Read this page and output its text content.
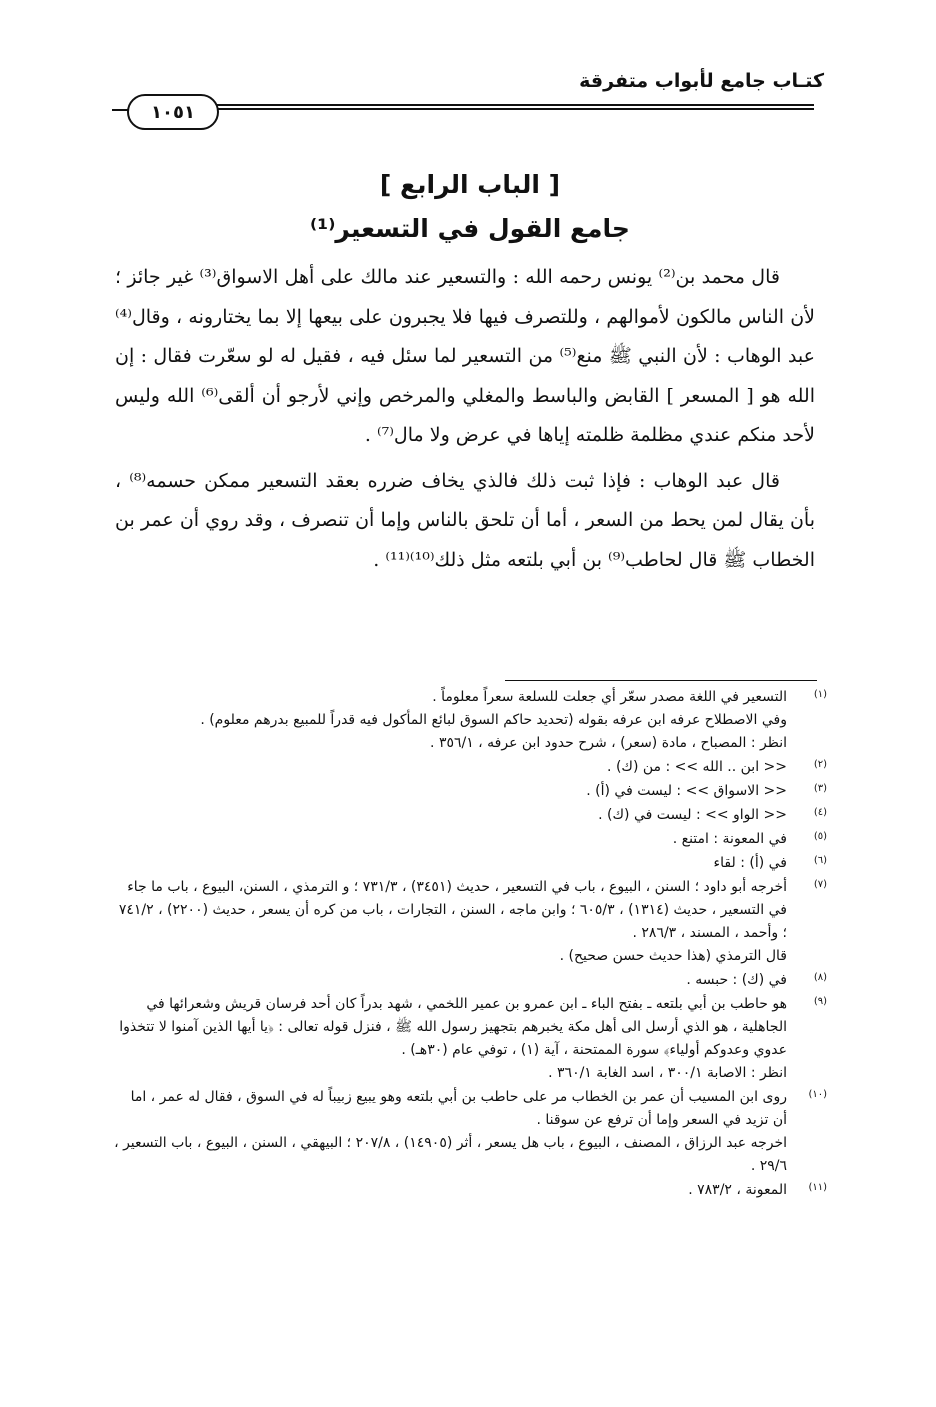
كتـاب جامع لأبواب متفرقة
١٠٥١
[ الباب الرابع ]
جامع القول في التسعير⁽¹⁾

قال محمد بن⁽²⁾ يونس رحمه الله : والتسعير عند مالك على أهل الاسواق⁽³⁾ غير جائز ؛ لأن الناس مالكون لأموالهم ، وللتصرف فيها فلا يجبرون على بيعها إلا بما يختارونه ، وقال⁽⁴⁾ عبد الوهاب : لأن النبي ﷺ منع⁽⁵⁾ من التسعير لما سئل فيه ، فقيل له لو سعّرت فقال : إن الله هو [ المسعر ] القابض والباسط والمغلي والمرخص وإني لأرجو أن ألقى⁽⁶⁾ الله وليس لأحد منكم عندي مظلمة ظلمته إياها في عرض ولا مال⁽⁷⁾ .

قال عبد الوهاب : فإذا ثبت ذلك فالذي يخاف ضرره بعقد التسعير ممكن حسمه⁽⁸⁾ ، بأن يقال لمن يحط من السعر ، أما أن تلحق بالناس وإما أن تنصرف ، وقد روي أن عمر بن الخطاب ﷺ قال لحاطب⁽⁹⁾ بن أبي بلتعه مثل ذلك⁽¹⁰⁾⁽¹¹⁾ .

(١)
التسعير في اللغة مصدر سعّر أي جعلت للسلعة سعراً معلوماً .
وفي الاصطلاح عرفه ابن عرفه بقوله (تحديد حاكم السوق لبائع المأكول فيه قدراً للمبيع بدرهم معلوم) .
انظر : المصباح ، مادة (سعر) ، شرح حدود ابن عرفه ، ٣٥٦/١ .
(٢)
<< ابن .. الله >> : من (ك) .
(٣)
<< الاسواق >> : ليست في (أ) .
(٤)
<< الواو >> : ليست في (ك) .
(٥)
في المعونة : امتنع .
(٦)
في (أ) : لقاء
(٧)
أخرجه أبو داود ؛ السنن ، البيوع ، باب في التسعير ، حديث (٣٤٥١) ، ٧٣١/٣ ؛ و الترمذي ، السنن، البيوع ، باب ما جاء في التسعير ، حديث (١٣١٤) ، ٦٠٥/٣ ؛ وابن ماجه ، السنن ، التجارات ، باب من كره أن يسعر ، حديث (٢٢٠٠) ، ٧٤١/٢ ؛ وأحمد ، المسند ، ٢٨٦/٣ .
قال الترمذي (هذا حديث حسن صحيح) .
(٨)
في (ك) : حبسه .
(٩)
هو حاطب بن أبي بلتعه ـ بفتح الباء ـ ابن عمرو بن عمير اللخمي ، شهد بدراً كان أحد فرسان قريش وشعرائها في الجاهلية ، هو الذي أرسل الى أهل مكة يخبرهم بتجهيز رسول الله ﷺ ، فنزل قوله تعالى : ﴿يا أيها الذين آمنوا لا تتخذوا عدوي وعدوكم أولياء﴾ سورة الممتحنة ، آية (١) ، توفي عام (٣٠هـ) .
انظر : الاصابة ٣٠٠/١ ، اسد الغابة ٣٦٠/١ .
(١٠)
روى ابن المسيب أن عمر بن الخطاب مر على حاطب بن أبي بلتعه وهو يبيع زبيباً له في السوق ، فقال له عمر ، اما أن تزيد في السعر وإما أن ترفع عن سوقنا .
اخرجه عبد الرزاق ، المصنف ، البيوع ، باب هل يسعر ، أثر (١٤٩٠٥) ، ٢٠٧/٨ ؛ البيهقي ، السنن ، البيوع ، باب التسعير ، ٢٩/٦ .
(١١)
المعونة ، ٧٨٣/٢ .
